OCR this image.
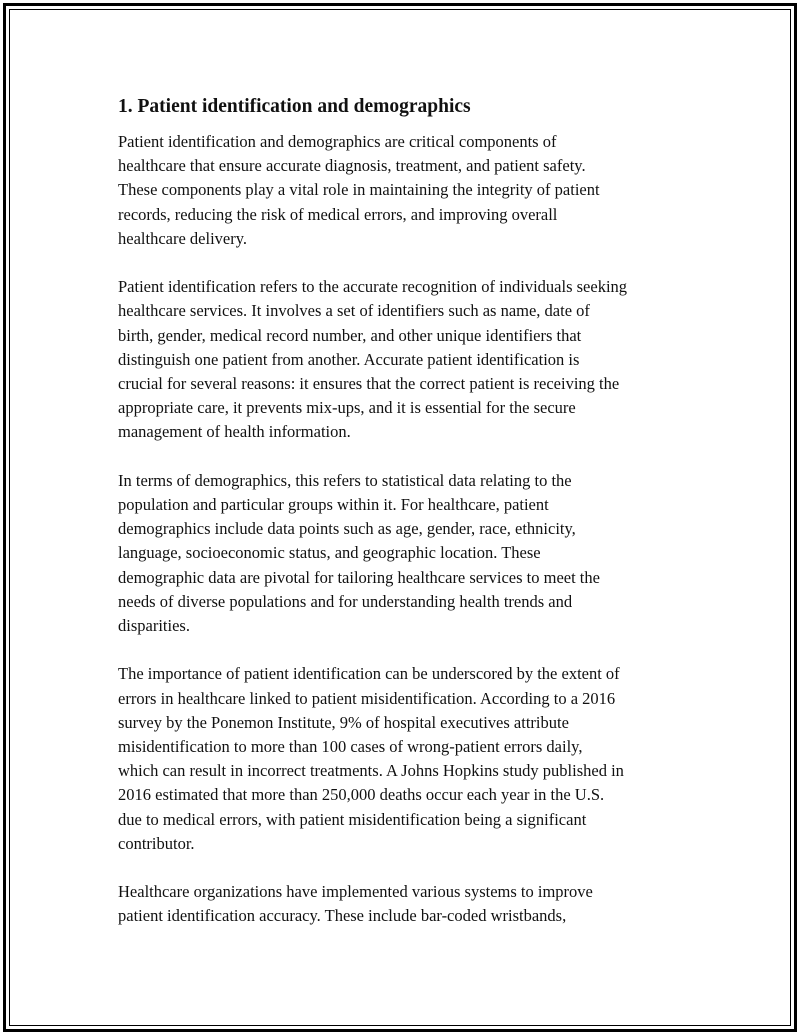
1. Patient identification and demographics

Patient identification and demographics are critical components of
healthcare that ensure accurate diagnosis, treatment, and patient safety.
These components play a vital role in maintaining the integrity of patient
records, reducing the risk of medical errors, and improving overall
healthcare delivery.

Patient identification refers to the accurate recognition of individuals seeking
healthcare services. It involves a set of identifiers such as name, date of
birth, gender, medical record number, and other unique identifiers that
distinguish one patient from another. Accurate patient identification is
crucial for several reasons: it ensures that the correct patient is receiving the
appropriate care, it prevents mix-ups, and it is essential for the secure
management of health information.

In terms of demographics, this refers to statistical data relating to the
population and particular groups within it. For healthcare, patient
demographics include data points such as age, gender, race, ethnicity,
language, socioeconomic status, and geographic location. These
demographic data are pivotal for tailoring healthcare services to meet the
needs of diverse populations and for understanding health trends and
disparities.

The importance of patient identification can be underscored by the extent of
errors in healthcare linked to patient misidentification. According to a 2016
survey by the Ponemon Institute, 9% of hospital executives attribute
misidentification to more than 100 cases of wrong-patient errors daily,
which can result in incorrect treatments. A Johns Hopkins study published in
2016 estimated that more than 250,000 deaths occur each year in the U.S.
due to medical errors, with patient misidentification being a significant
contributor.

Healthcare organizations have implemented various systems to improve
patient identification accuracy. These include bar-coded wristbands,
